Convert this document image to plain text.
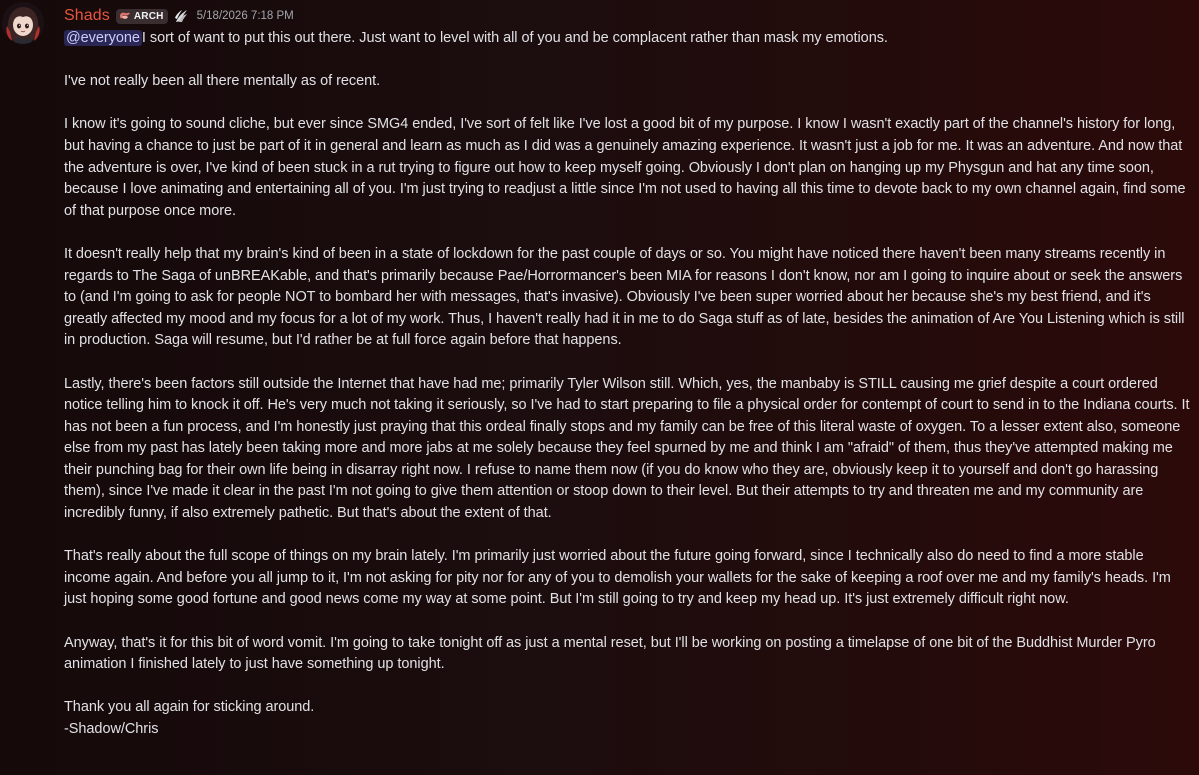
Shads ARCH	5/18/2026 7:18 PM

@everyone I sort of want to put this out there. Just want to level with all of you and be complacent rather than mask my emotions.

I've not really been all there mentally as of recent.

I know it's going to sound cliche, but ever since SMG4 ended, I've sort of felt like I've lost a good bit of my purpose. I know I wasn't exactly part of the channel's history for long, but having a chance to just be part of it in general and learn as much as I did was a genuinely amazing experience. It wasn't just a job for me. It was an adventure. And now that the adventure is over, I've kind of been stuck in a rut trying to figure out how to keep myself going. Obviously I don't plan on hanging up my Physgun and hat any time soon, because I love animating and entertaining all of you. I'm just trying to readjust a little since I'm not used to having all this time to devote back to my own channel again, find some of that purpose once more.

It doesn't really help that my brain's kind of been in a state of lockdown for the past couple of days or so. You might have noticed there haven't been many streams recently in regards to The Saga of unBREAKable, and that's primarily because Pae/Horrormancer's been MIA for reasons I don't know, nor am I going to inquire about or seek the answers to (and I'm going to ask for people NOT to bombard her with messages, that's invasive). Obviously I've been super worried about her because she's my best friend, and it's greatly affected my mood and my focus for a lot of my work. Thus, I haven't really had it in me to do Saga stuff as of late, besides the animation of Are You Listening which is still in production. Saga will resume, but I'd rather be at full force again before that happens.

Lastly, there's been factors still outside the Internet that have had me; primarily Tyler Wilson still. Which, yes, the manbaby is STILL causing me grief despite a court ordered notice telling him to knock it off. He's very much not taking it seriously, so I've had to start preparing to file a physical order for contempt of court to send in to the Indiana courts. It has not been a fun process, and I'm honestly just praying that this ordeal finally stops and my family can be free of this literal waste of oxygen. To a lesser extent also, someone else from my past has lately been taking more and more jabs at me solely because they feel spurned by me and think I am "afraid" of them, thus they've attempted making me their punching bag for their own life being in disarray right now. I refuse to name them now (if you do know who they are, obviously keep it to yourself and don't go harassing them), since I've made it clear in the past I'm not going to give them attention or stoop down to their level. But their attempts to try and threaten me and my community are incredibly funny, if also extremely pathetic. But that's about the extent of that.

That's really about the full scope of things on my brain lately. I'm primarily just worried about the future going forward, since I technically also do need to find a more stable income again. And before you all jump to it, I'm not asking for pity nor for any of you to demolish your wallets for the sake of keeping a roof over me and my family's heads. I'm just hoping some good fortune and good news come my way at some point. But I'm still going to try and keep my head up. It's just extremely difficult right now.

Anyway, that's it for this bit of word vomit. I'm going to take tonight off as just a mental reset, but I'll be working on posting a timelapse of one bit of the Buddhist Murder Pyro animation I finished lately to just have something up tonight.

Thank you all again for sticking around.

-Shadow/Chris
